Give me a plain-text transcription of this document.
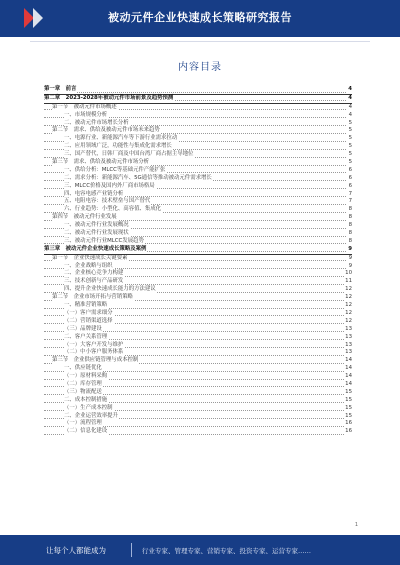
被动元件企业快速成长策略研究报告
内容目录
第一章　前言	4
第二章　2023-2028年被动元件市场前景及趋势预测	4
第一节　被动元件市场概述	4
一、市场规模分析	4
二、被动元件市场增长分析	5
第二节　需求、供给及被动元件市场未来趋势	5
一、电源行业、新能源汽车等下游行业需求拉动	5
二、应用领域广泛，功能性与集成化需求增长	5
三、国产替代，日韩厂商及中国台湾厂商占据主导地位	5
第三节　需求、供给及被动元件市场分析	5
一、供给分析：MLCC等基础元件产能扩张	6
二、需求分析：新能源汽车、5G通信等推动被动元件需求增长	6
三、MLCC价格及国内外厂商市场格局	6
四、电容电感产业链分析	7
五、电阻电容：技术壁垒与国产替代	7
六、行业趋势：小型化、高容值、集成化	8
第四节　被动元件行业发展	8
一、被动元件行业发展概况	8
二、被动元件行业发展现状	8
三、被动元件行业MLCC发展趋势	8
第三章　被动元件企业快速成长策略及案例	9
第一节　企业快速成长关键要素	9
一、企业战略与组织	9
二、企业核心竞争力构建	10
三、技术创新与产品研发	11
四、提升企业快速成长能力的方法建议	12
第二节　企业市场开拓与营销策略	12
一、精准营销策略	12
（一）客户需求细分	12
（二）营销渠道选择	12
（三）品牌建设	13
二、客户关系管理	13
（一）大客户开发与维护	13
（二）中小客户服务体系	13
第三节　企业供应链管理与成本控制	14
一、供应链优化	14
（一）原材料采购	14
（二）库存管理	14
（三）物流配送	15
二、成本控制措施	15
（一）生产成本控制	15
二、企业运营效率提升	15
（一）流程管理	16
（二）信息化建设	16
1
让每个人都能成为	行业专家、管理专家、营销专家、投资专家、运营专家……
